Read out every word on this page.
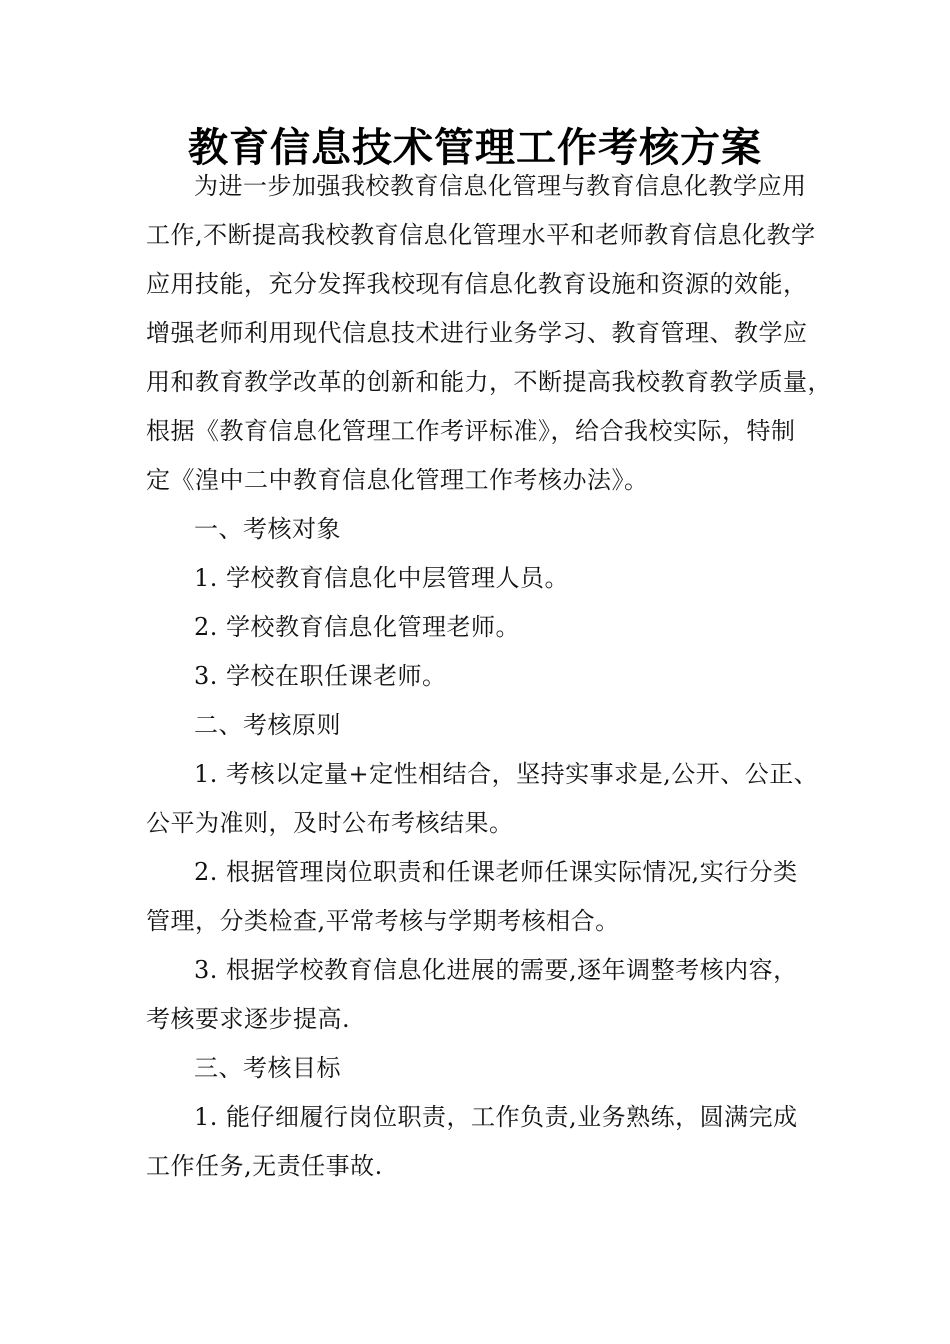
教育信息技术管理工作考核方案
为进一步加强我校教育信息化管理与教育信息化教学应用
工作,不断提高我校教育信息化管理水平和老师教育信息化教学
应用技能，充分发挥我校现有信息化教育设施和资源的效能，
增强老师利用现代信息技术进行业务学习、教育管理、教学应
用和教育教学改革的创新和能力，不断提高我校教育教学质量，
根据《教育信息化管理工作考评标准》，给合我校实际，特制
定《湟中二中教育信息化管理工作考核办法》。
一、考核对象
1. 学校教育信息化中层管理人员。
2. 学校教育信息化管理老师。
3. 学校在职任课老师。
二、考核原则
1. 考核以定量+定性相结合，坚持实事求是,公开、公正、
公平为准则，及时公布考核结果。
2. 根据管理岗位职责和任课老师任课实际情况,实行分类
管理，分类检查,平常考核与学期考核相合。
3. 根据学校教育信息化进展的需要,逐年调整考核内容，
考核要求逐步提高.
三、考核目标
1. 能仔细履行岗位职责，工作负责,业务熟练，圆满完成
工作任务,无责任事故.
